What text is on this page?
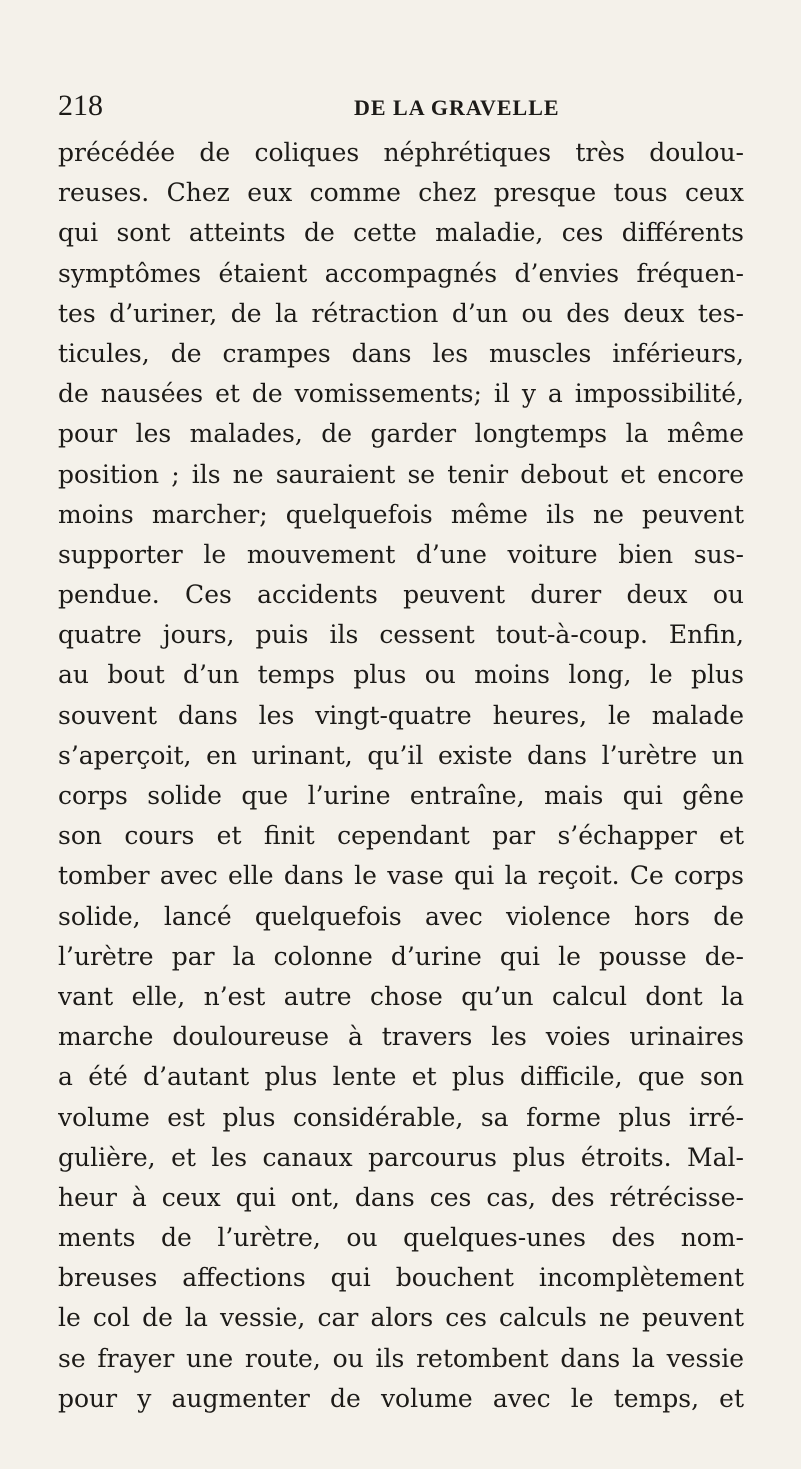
218	DE LA GRAVELLE
précédée de coliques néphrétiques très doulou-
reuses. Chez eux comme chez presque tous ceux
qui sont atteints de cette maladie, ces différents
symptômes étaient accompagnés d’envies fréquen-
tes d’uriner, de la rétraction d’un ou des deux tes-
ticules, de crampes dans les muscles inférieurs,
de nausées et de vomissements; il y a impossibilité,
pour les malades, de garder longtemps la même
position ; ils ne sauraient se tenir debout et encore
moins marcher; quelquefois même ils ne peuvent
supporter le mouvement d’une voiture bien sus-
pendue. Ces accidents peuvent durer deux ou
quatre jours, puis ils cessent tout-à-coup. Enfin,
au bout d’un temps plus ou moins long, le plus
souvent dans les vingt-quatre heures, le malade
s’aperçoit, en urinant, qu’il existe dans l’urètre un
corps solide que l’urine entraîne, mais qui gêne
son cours et finit cependant par s’échapper et
tomber avec elle dans le vase qui la reçoit. Ce corps
solide, lancé quelquefois avec violence hors de
l’urètre par la colonne d’urine qui le pousse de-
vant elle, n’est autre chose qu’un calcul dont la
marche douloureuse à travers les voies urinaires
a été d’autant plus lente et plus difficile, que son
volume est plus considérable, sa forme plus irré-
gulière, et les canaux parcourus plus étroits. Mal-
heur à ceux qui ont, dans ces cas, des rétrécisse-
ments de l’urètre, ou quelques-unes des nom-
breuses affections qui bouchent incomplètement
le col de la vessie, car alors ces calculs ne peuvent
se frayer une route, ou ils retombent dans la vessie
pour y augmenter de volume avec le temps, et
